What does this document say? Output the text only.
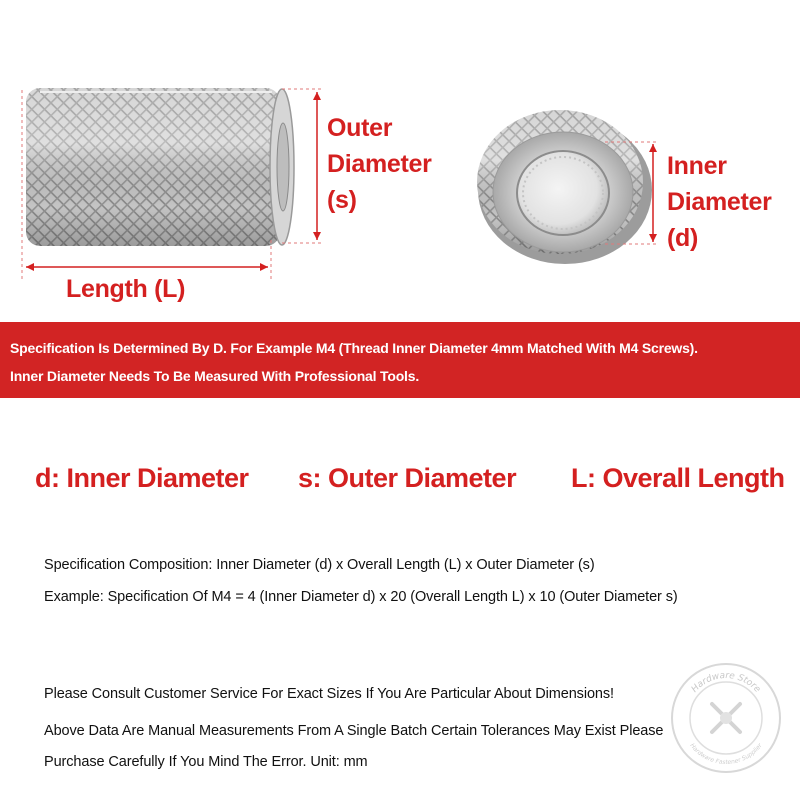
Outer
Diameter
(s)
Inner
Diameter
(d)
Length (L)
Specification Is Determined By D. For Example M4 (Thread Inner Diameter 4mm Matched With M4 Screws).
Inner Diameter Needs To Be Measured With Professional Tools.
d: Inner Diameter s: Outer Diameter L: Overall Length
Specification Composition: Inner Diameter (d) x Overall Length (L) x Outer Diameter (s)
Example: Specification Of M4 = 4 (Inner Diameter d) x 20 (Overall Length L) x 10 (Outer Diameter s)
Please Consult Customer Service For Exact Sizes If You Are Particular About Dimensions!
Above Data Are Manual Measurements From A Single Batch Certain Tolerances May Exist Please
Purchase Carefully If You Mind The Error. Unit: mm
Hardware Store
Hardware Fastener Supplier
